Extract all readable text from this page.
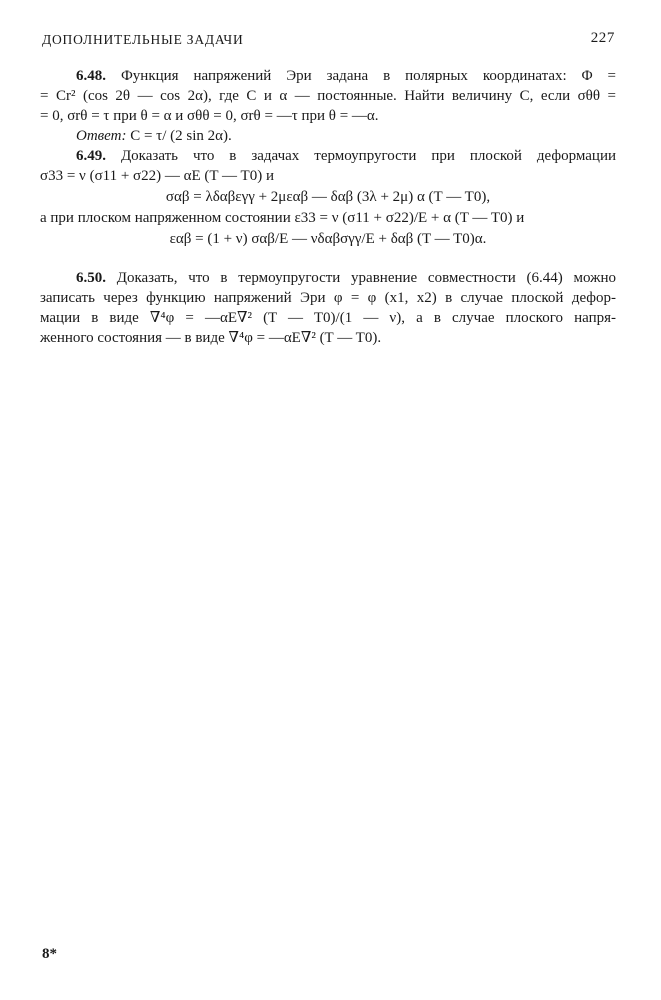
ДОПОЛНИТЕЛЬНЫЕ ЗАДАЧИ	227
6.48. Функция напряжений Эри задана в полярных координатах: Φ =
= Cr² (cos 2θ — cos 2α), где C и α — постоянные. Найти величину C, если σθθ =
= 0, σrθ = τ при θ = α и σθθ = 0, σrθ = —τ при θ = —α.
Ответ: C = τ/ (2 sin 2α).
6.49. Доказать что в задачах термоупругости при плоской деформации
σ33 = ν (σ11 + σ22) — αE (T — T0) и
σαβ = λδαβεγγ + 2μεαβ — δαβ (3λ + 2μ) α (T — T0),
а при плоском напряженном состоянии ε33 = ν (σ11 + σ22)/E + α (T — T0) и
εαβ = (1 + ν) σαβ/E — νδαβσγγ/E + δαβ (T — T0)α.
6.50. Доказать, что в термоупругости уравнение совместности (6.44) можно
записать через функцию напряжений Эри φ = φ (x1, x2) в случае плоской дефор-
мации в виде ∇⁴φ = —αE∇² (T — T0)/(1 — ν), а в случае плоского напря-
женного состояния — в виде ∇⁴φ = —αE∇² (T — T0).
8*
